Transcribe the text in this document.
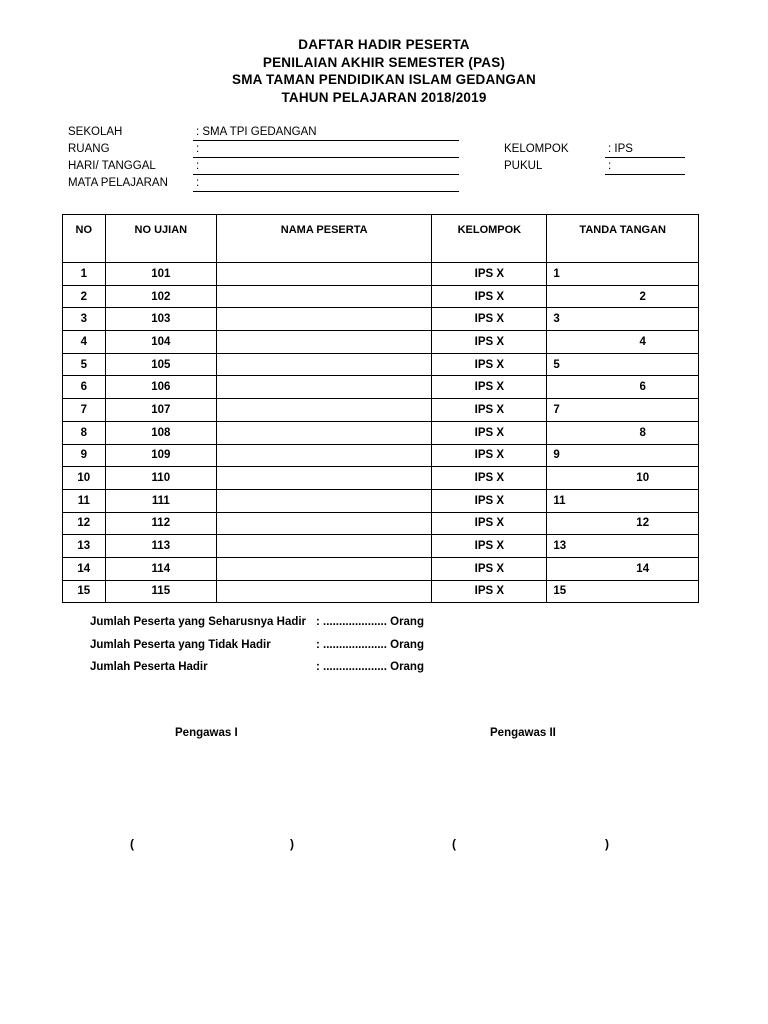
DAFTAR HADIR PESERTA
PENILAIAN AKHIR SEMESTER (PAS)
SMA TAMAN PENDIDIKAN ISLAM GEDANGAN
TAHUN PELAJARAN 2018/2019
SEKOLAH	: SMA TPI GEDANGAN
RUANG	:
HARI/ TANGGAL	:
MATA PELAJARAN :
KELOMPOK	: IPS
PUKUL	:
NO	NO UJIAN	NAMA PESERTA	KELOMPOK	TANDA TANGAN
1	101		IPS X	1
2	102		IPS X	2
3	103		IPS X	3
4	104		IPS X	4
5	105		IPS X	5
6	106		IPS X	6
7	107		IPS X	7
8	108		IPS X	8
9	109		IPS X	9
10	110		IPS X	10
11	111		IPS X	11
12	112		IPS X	12
13	113		IPS X	13
14	114		IPS X	14
15	115		IPS X	15
Jumlah Peserta yang Seharusnya Hadir : .................... Orang
Jumlah Peserta yang Tidak Hadir	: .................... Orang
Jumlah Peserta Hadir	: .................... Orang
Pengawas I	Pengawas II
(	)	(	)
